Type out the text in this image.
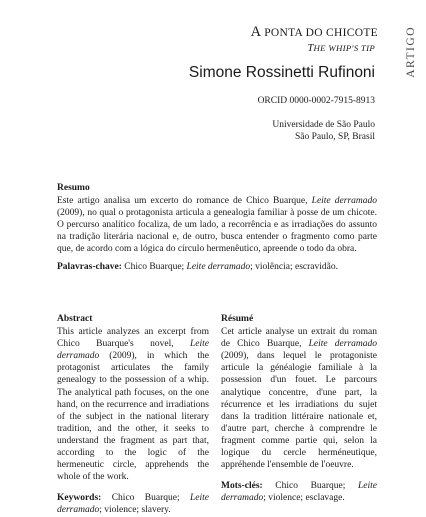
ARTIGO
A PONTA DO CHICOTE
THE WHIP'S TIP
Simone Rossinetti Rufinoni
ORCID 0000-0002-7915-8913
Universidade de São Paulo
São Paulo, SP, Brasil
Resumo

Este artigo analisa um excerto do romance de Chico Buarque, Leite derramado (2009), no qual o protagonista articula a genealogia familiar à posse de um chicote. O percurso analítico focaliza, de um lado, a recorrência e as irradiações do assunto na tradição literária nacional e, de outro, busca entender o fragmento como parte que, de acordo com a lógica do círculo hermenêutico, apreende o todo da obra.

Palavras-chave: Chico Buarque; Leite derramado; violência; escravidão.

Abstract

This article analyzes an excerpt from Chico Buarque's novel, Leite derramado (2009), in which the protagonist articulates the family genealogy to the possession of a whip. The analytical path focuses, on the one hand, on the recurrence and irradiations of the subject in the national literary tradition, and the other, it seeks to understand the fragment as part that, according to the logic of the hermeneutic circle, apprehends the whole of the work.

Keywords: Chico Buarque; Leite derramado; violence; slavery.

Résumé

Cet article analyse un extrait du roman de Chico Buarque, Leite derramado (2009), dans lequel le protagoniste articule la généalogie familiale à la possession d'un fouet. Le parcours analytique concentre, d'une part, la récurrence et les irradiations du sujet dans la tradition littéraire nationale et, d'autre part, cherche à comprendre le fragment comme partie qui, selon la logique du cercle herméneutique, appréhende l'ensemble de l'oeuvre.

Mots-clés: Chico Buarque; Leite derramado; violence; esclavage.
